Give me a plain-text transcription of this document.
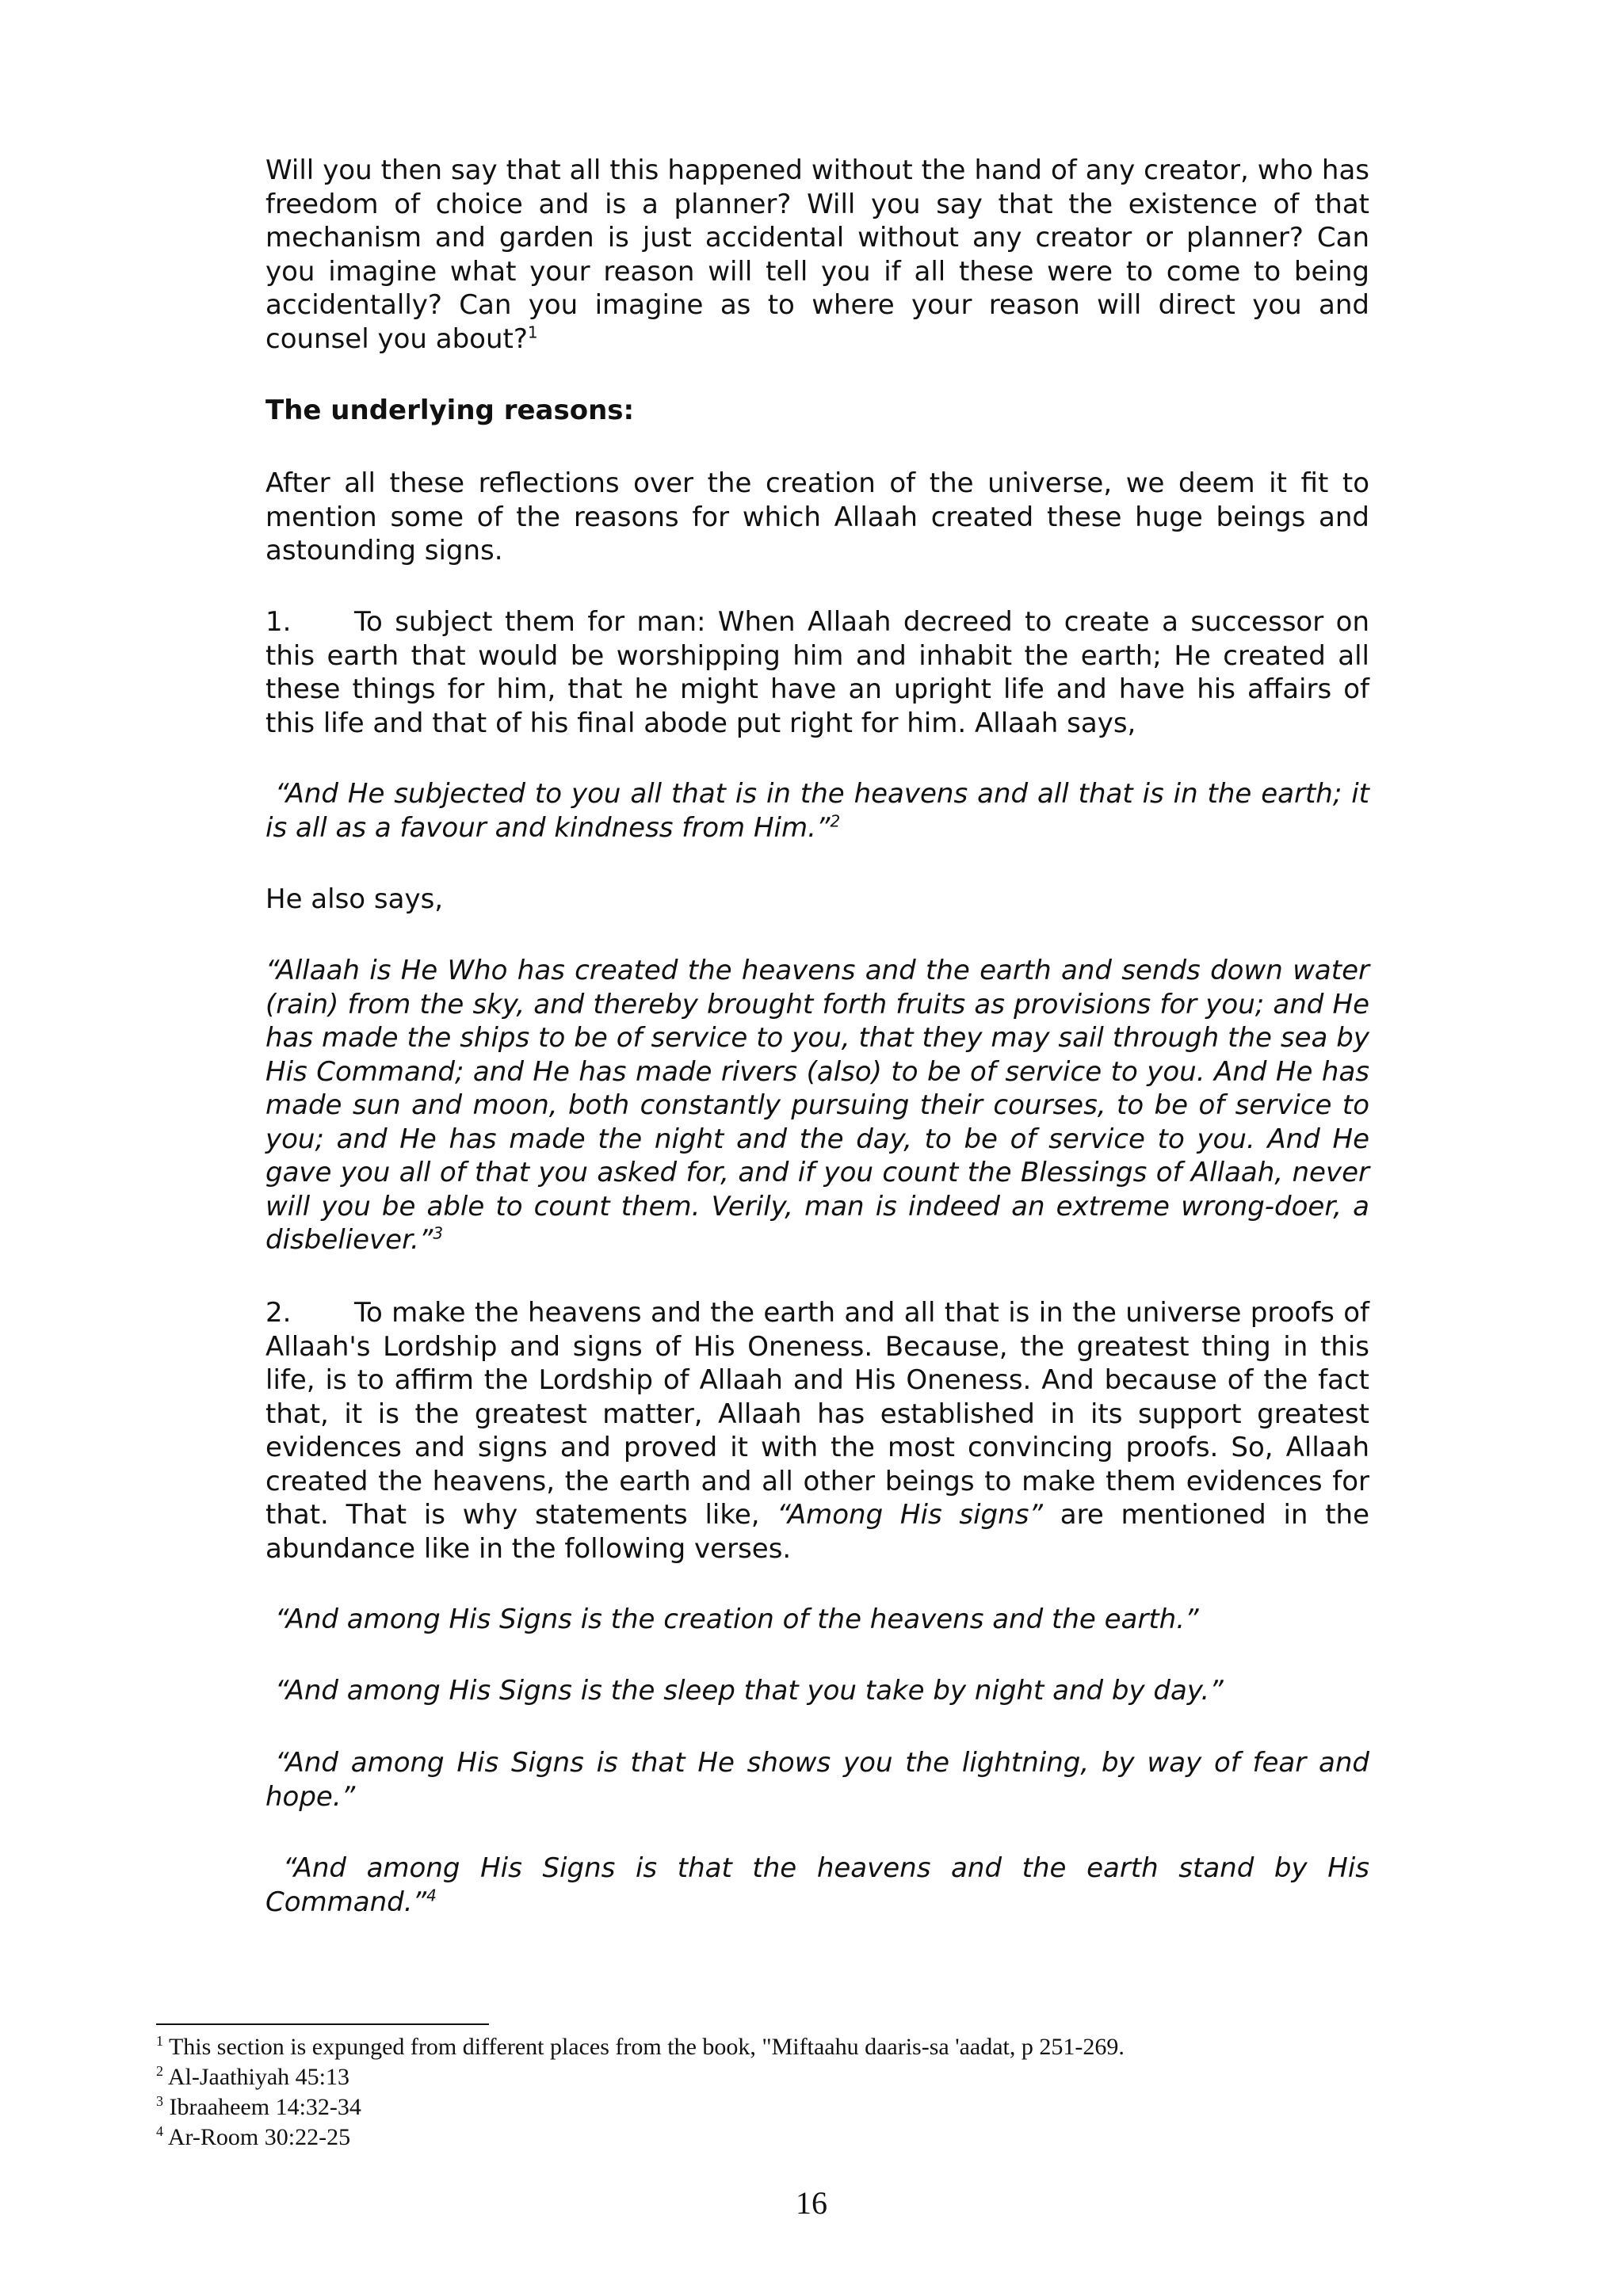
Will you then say that all this happened without the hand of any creator, who has freedom of choice and is a planner? Will you say that the existence of that mechanism and garden is just accidental without any creator or planner? Can you imagine what your reason will tell you if all these were to come to being accidentally? Can you imagine as to where your reason will direct you and counsel you about?$^1$

The underlying reasons:

After all these reflections over the creation of the universe, we deem it fit to mention some of the reasons for which Allaah created these huge beings and astounding signs.

1. To subject them for man: When Allaah decreed to create a successor on this earth that would be worshipping him and inhabit the earth; He created all these things for him, that he might have an upright life and have his affairs of this life and that of his final abode put right for him. Allaah says,

“And He subjected to you all that is in the heavens and all that is in the earth; it is all as a favour and kindness from Him.”$^2$

He also says,

“Allaah is He Who has created the heavens and the earth and sends down water (rain) from the sky, and thereby brought forth fruits as provisions for you; and He has made the ships to be of service to you, that they may sail through the sea by His Command; and He has made rivers (also) to be of service to you. And He has made sun and moon, both constantly pursuing their courses, to be of service to you; and He has made the night and the day, to be of service to you. And He gave you all of that you asked for, and if you count the Blessings of Allaah, never will you be able to count them. Verily, man is indeed an extreme wrong-doer, a disbeliever.”$^3$

2. To make the heavens and the earth and all that is in the universe proofs of Allaah's Lordship and signs of His Oneness. Because, the greatest thing in this life, is to affirm the Lordship of Allaah and His Oneness. And because of the fact that, it is the greatest matter, Allaah has established in its support greatest evidences and signs and proved it with the most convincing proofs. So, Allaah created the heavens, the earth and all other beings to make them evidences for that. That is why statements like, “Among His signs” are mentioned in the abundance like in the following verses.

“And among His Signs is the creation of the heavens and the earth.”

“And among His Signs is the sleep that you take by night and by day.”

“And among His Signs is that He shows you the lightning, by way of fear and hope.”

“And among His Signs is that the heavens and the earth stand by His Command.”$^4$

$^1$ This section is expunged from different places from the book, "Miftaahu daaris-sa 'aadat, p 251-269.

$^2$ Al-Jaathiyah 45:13

$^3$ Ibraaheem 14:32-34

$^4$ Ar-Room 30:22-25

16
